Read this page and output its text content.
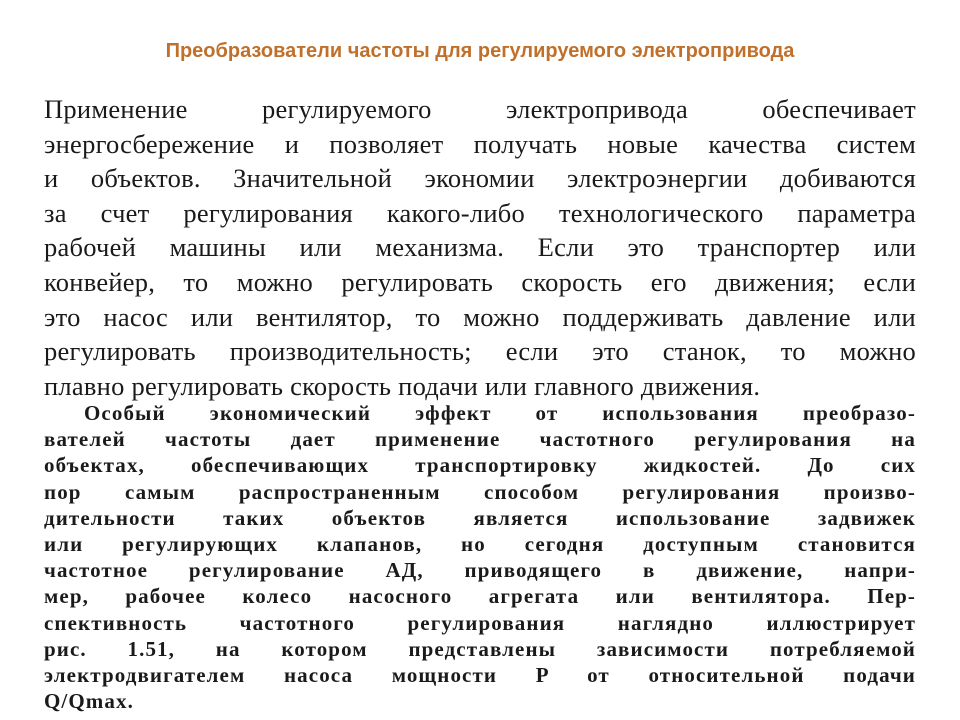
Преобразователи частоты для регулируемого электропривода
Применение регулируемого электропривода обеспечивает
энергосбережение и позволяет получать новые качества систем
и объектов. Значительной экономии электроэнергии добиваются
за счет регулирования какого-либо технологического параметра
рабочей машины или механизма. Если это транспортер или
конвейер, то можно регулировать скорость его движения; если
это насос или вентилятор, то можно поддерживать давление или
регулировать производительность; если это станок, то можно
плавно регулировать скорость подачи или главного движения.
Особый экономический эффект от использования преобразо-
вателей частоты дает применение частотного регулирования на
объектах, обеспечивающих транспортировку жидкостей. До сих
пор самым распространенным способом регулирования произво-
дительности таких объектов является использование задвижек
или регулирующих клапанов, но сегодня доступным становится
частотное регулирование АД, приводящего в движение, напри-
мер, рабочее колесо насосного агрегата или вентилятора. Пер-
спективность частотного регулирования наглядно иллюстрирует
рис. 1.51, на котором представлены зависимости потребляемой
электродвигателем насоса мощности P от относительной подачи
Q/Qmax.
